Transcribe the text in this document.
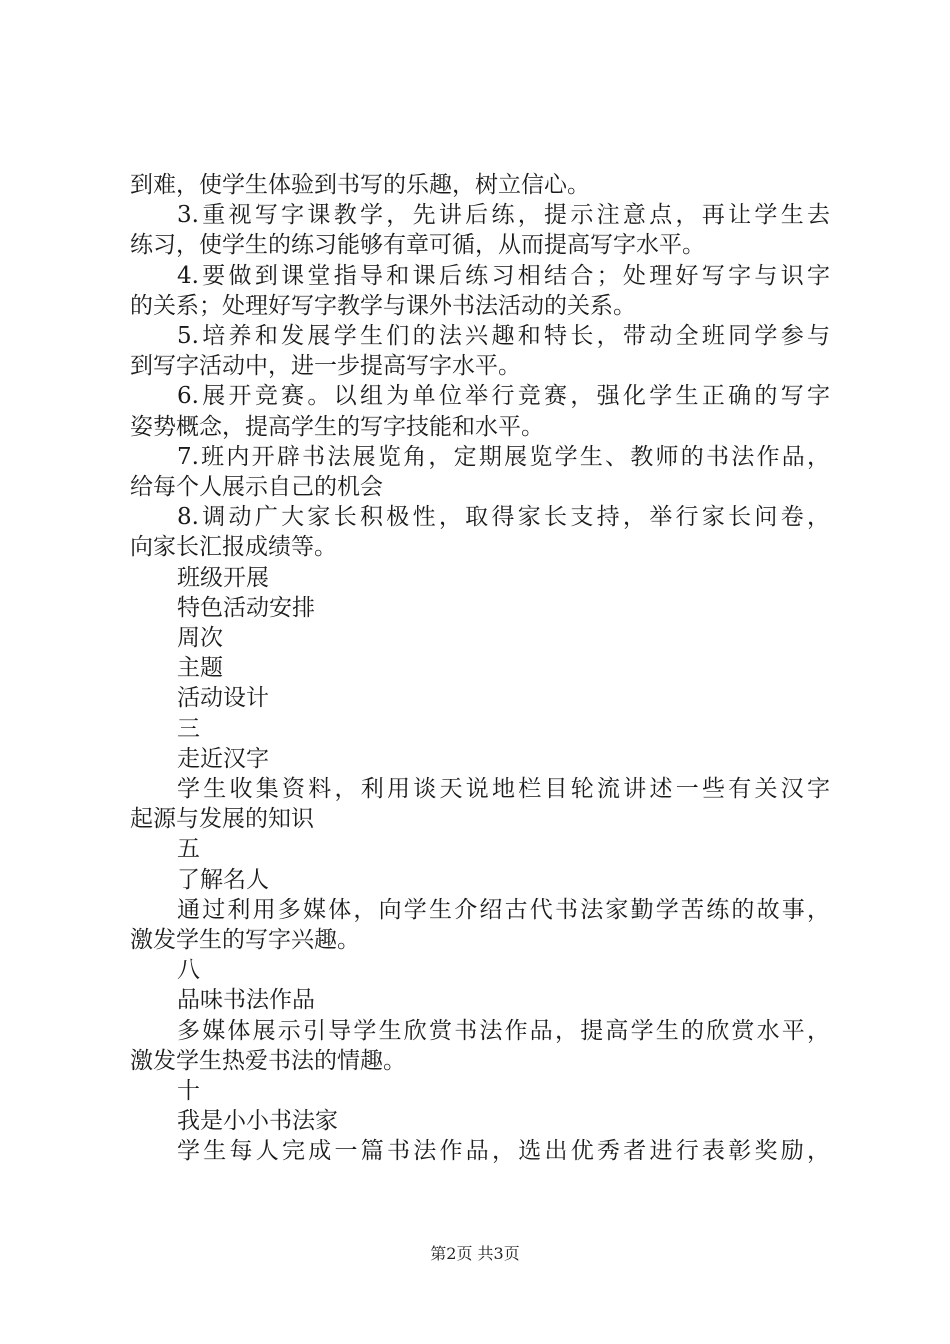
到难，使学生体验到书写的乐趣，树立信心。
3.重视写字课教学，先讲后练，提示注意点，再让学生去
练习，使学生的练习能够有章可循，从而提高写字水平。
4.要做到课堂指导和课后练习相结合；处理好写字与识字
的关系；处理好写字教学与课外书法活动的关系。
5.培养和发展学生们的法兴趣和特长，带动全班同学参与
到写字活动中，进一步提高写字水平。
6.展开竞赛。以组为单位举行竞赛，强化学生正确的写字
姿势概念，提高学生的写字技能和水平。
7.班内开辟书法展览角，定期展览学生、教师的书法作品，
给每个人展示自己的机会
8.调动广大家长积极性，取得家长支持，举行家长问卷，
向家长汇报成绩等。
班级开展
特色活动安排
周次
主题
活动设计
三
走近汉字
学生收集资料，利用谈天说地栏目轮流讲述一些有关汉字
起源与发展的知识
五
了解名人
通过利用多媒体，向学生介绍古代书法家勤学苦练的故事，
激发学生的写字兴趣。
八
品味书法作品
多媒体展示引导学生欣赏书法作品，提高学生的欣赏水平，
激发学生热爱书法的情趣。
十
我是小小书法家
学生每人完成一篇书法作品，选出优秀者进行表彰奖励，
第2页 共3页
